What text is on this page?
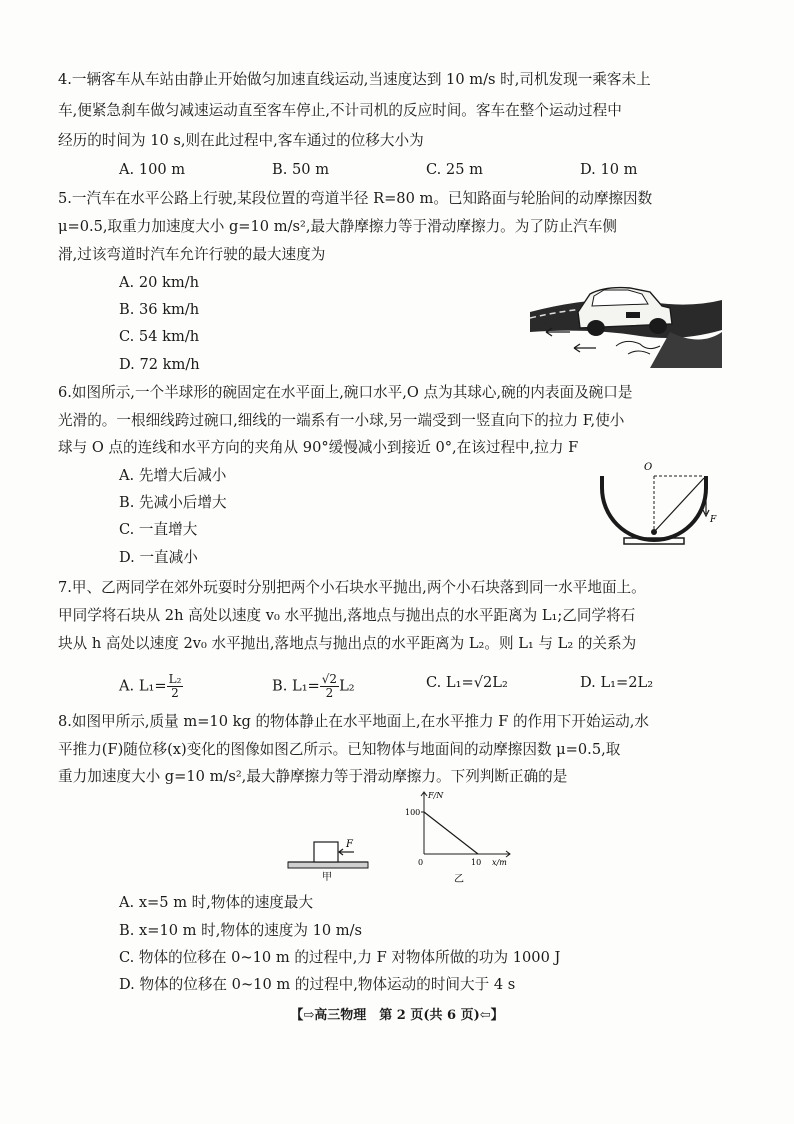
4.一辆客车从车站由静止开始做匀加速直线运动,当速度达到 10 m/s 时,司机发现一乘客未上
车,便紧急刹车做匀减速运动直至客车停止,不计司机的反应时间。客车在整个运动过程中
经历的时间为 10 s,则在此过程中,客车通过的位移大小为
A. 100 m	B. 50 m	C. 25 m	D. 10 m
5.一汽车在水平公路上行驶,某段位置的弯道半径 R=80 m。已知路面与轮胎间的动摩擦因数
μ=0.5,取重力加速度大小 g=10 m/s²,最大静摩擦力等于滑动摩擦力。为了防止汽车侧
滑,过该弯道时汽车允许行驶的最大速度为
A. 20 km/h
B. 36 km/h
C. 54 km/h
D. 72 km/h
6.如图所示,一个半球形的碗固定在水平面上,碗口水平,O 点为其球心,碗的内表面及碗口是
光滑的。一根细线跨过碗口,细线的一端系有一小球,另一端受到一竖直向下的拉力 F,使小
球与 O 点的连线和水平方向的夹角从 90°缓慢减小到接近 0°,在该过程中,拉力 F
A. 先增大后减小
B. 先减小后增大
C. 一直增大
D. 一直减小
O
F
7.甲、乙两同学在郊外玩耍时分别把两个小石块水平抛出,两个小石块落到同一水平地面上。
甲同学将石块从 2h 高处以速度 v₀ 水平抛出,落地点与抛出点的水平距离为 L₁;乙同学将石
块从 h 高处以速度 2v₀ 水平抛出,落地点与抛出点的水平距离为 L₂。则 L₁ 与 L₂ 的关系为
A. $L_1= \frac{\text{L₂}}{2}$	B. $L_1= \frac{√2}{2} L_2$	C. L₁=√2L₂	D. L₁=2L₂
8.如图甲所示,质量 m=10 kg 的物体静止在水平地面上,在水平推力 F 的作用下开始运动,水
平推力(F)随位移(x)变化的图像如图乙所示。已知物体与地面间的动摩擦因数 μ=0.5,取
重力加速度大小 g=10 m/s²,最大静摩擦力等于滑动摩擦力。下列判断正确的是
F
甲
F/N
x/m
0
100
10
乙
A. x=5 m 时,物体的速度最大
B. x=10 m 时,物体的速度为 10 m/s
C. 物体的位移在 0~10 m 的过程中,力 F 对物体所做的功为 1000 J
D. 物体的位移在 0~10 m 的过程中,物体运动的时间大于 4 s
【⇨高三物理　第 2 页(共 6 页)⇦】
